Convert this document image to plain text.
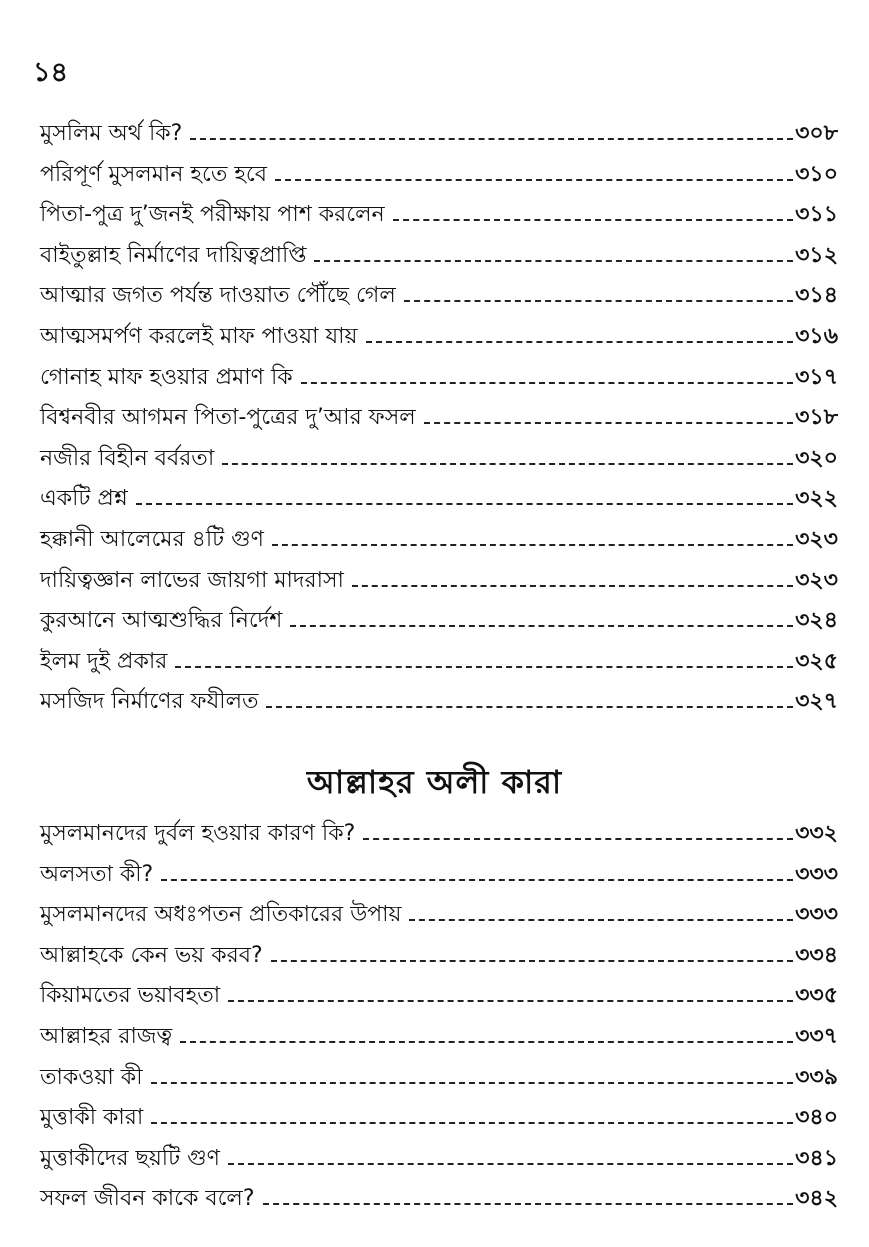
১৪
মুসলিম অর্থ কি?	৩০৮
পরিপূর্ণ মুসলমান হতে হবে	৩১০
পিতা-পুত্র দু’জনই পরীক্ষায় পাশ করলেন	৩১১
বাইতুল্লাহ নির্মাণের দায়িত্বপ্রাপ্তি	৩১২
আত্মার জগত পর্যন্ত দাওয়াত পৌঁছে গেল	৩১৪
আত্মসমর্পণ করলেই মাফ পাওয়া যায়	৩১৬
গোনাহ মাফ হওয়ার প্রমাণ কি	৩১৭
বিশ্বনবীর আগমন পিতা-পুত্রের দু’আর ফসল	৩১৮
নজীর বিহীন বর্বরতা	৩২০
একটি প্রশ্ন	৩২২
হক্কানী আলেমের ৪টি গুণ	৩২৩
দায়িত্বজ্ঞান লাভের জায়গা মাদরাসা	৩২৩
কুরআনে আত্মশুদ্ধির নির্দেশ	৩২৪
ইলম দুই প্রকার	৩২৫
মসজিদ নির্মাণের ফযীলত	৩২৭
আল্লাহর অলী কারা
মুসলমানদের দুর্বল হওয়ার কারণ কি?	৩৩২
অলসতা কী?	৩৩৩
মুসলমানদের অধঃপতন প্রতিকারের উপায়	৩৩৩
আল্লাহকে কেন ভয় করব?	৩৩৪
কিয়ামতের ভয়াবহতা	৩৩৫
আল্লাহর রাজত্ব	৩৩৭
তাকওয়া কী	৩৩৯
মুত্তাকী কারা	৩৪০
মুত্তাকীদের ছয়টি গুণ	৩৪১
সফল জীবন কাকে বলে?	৩৪২
